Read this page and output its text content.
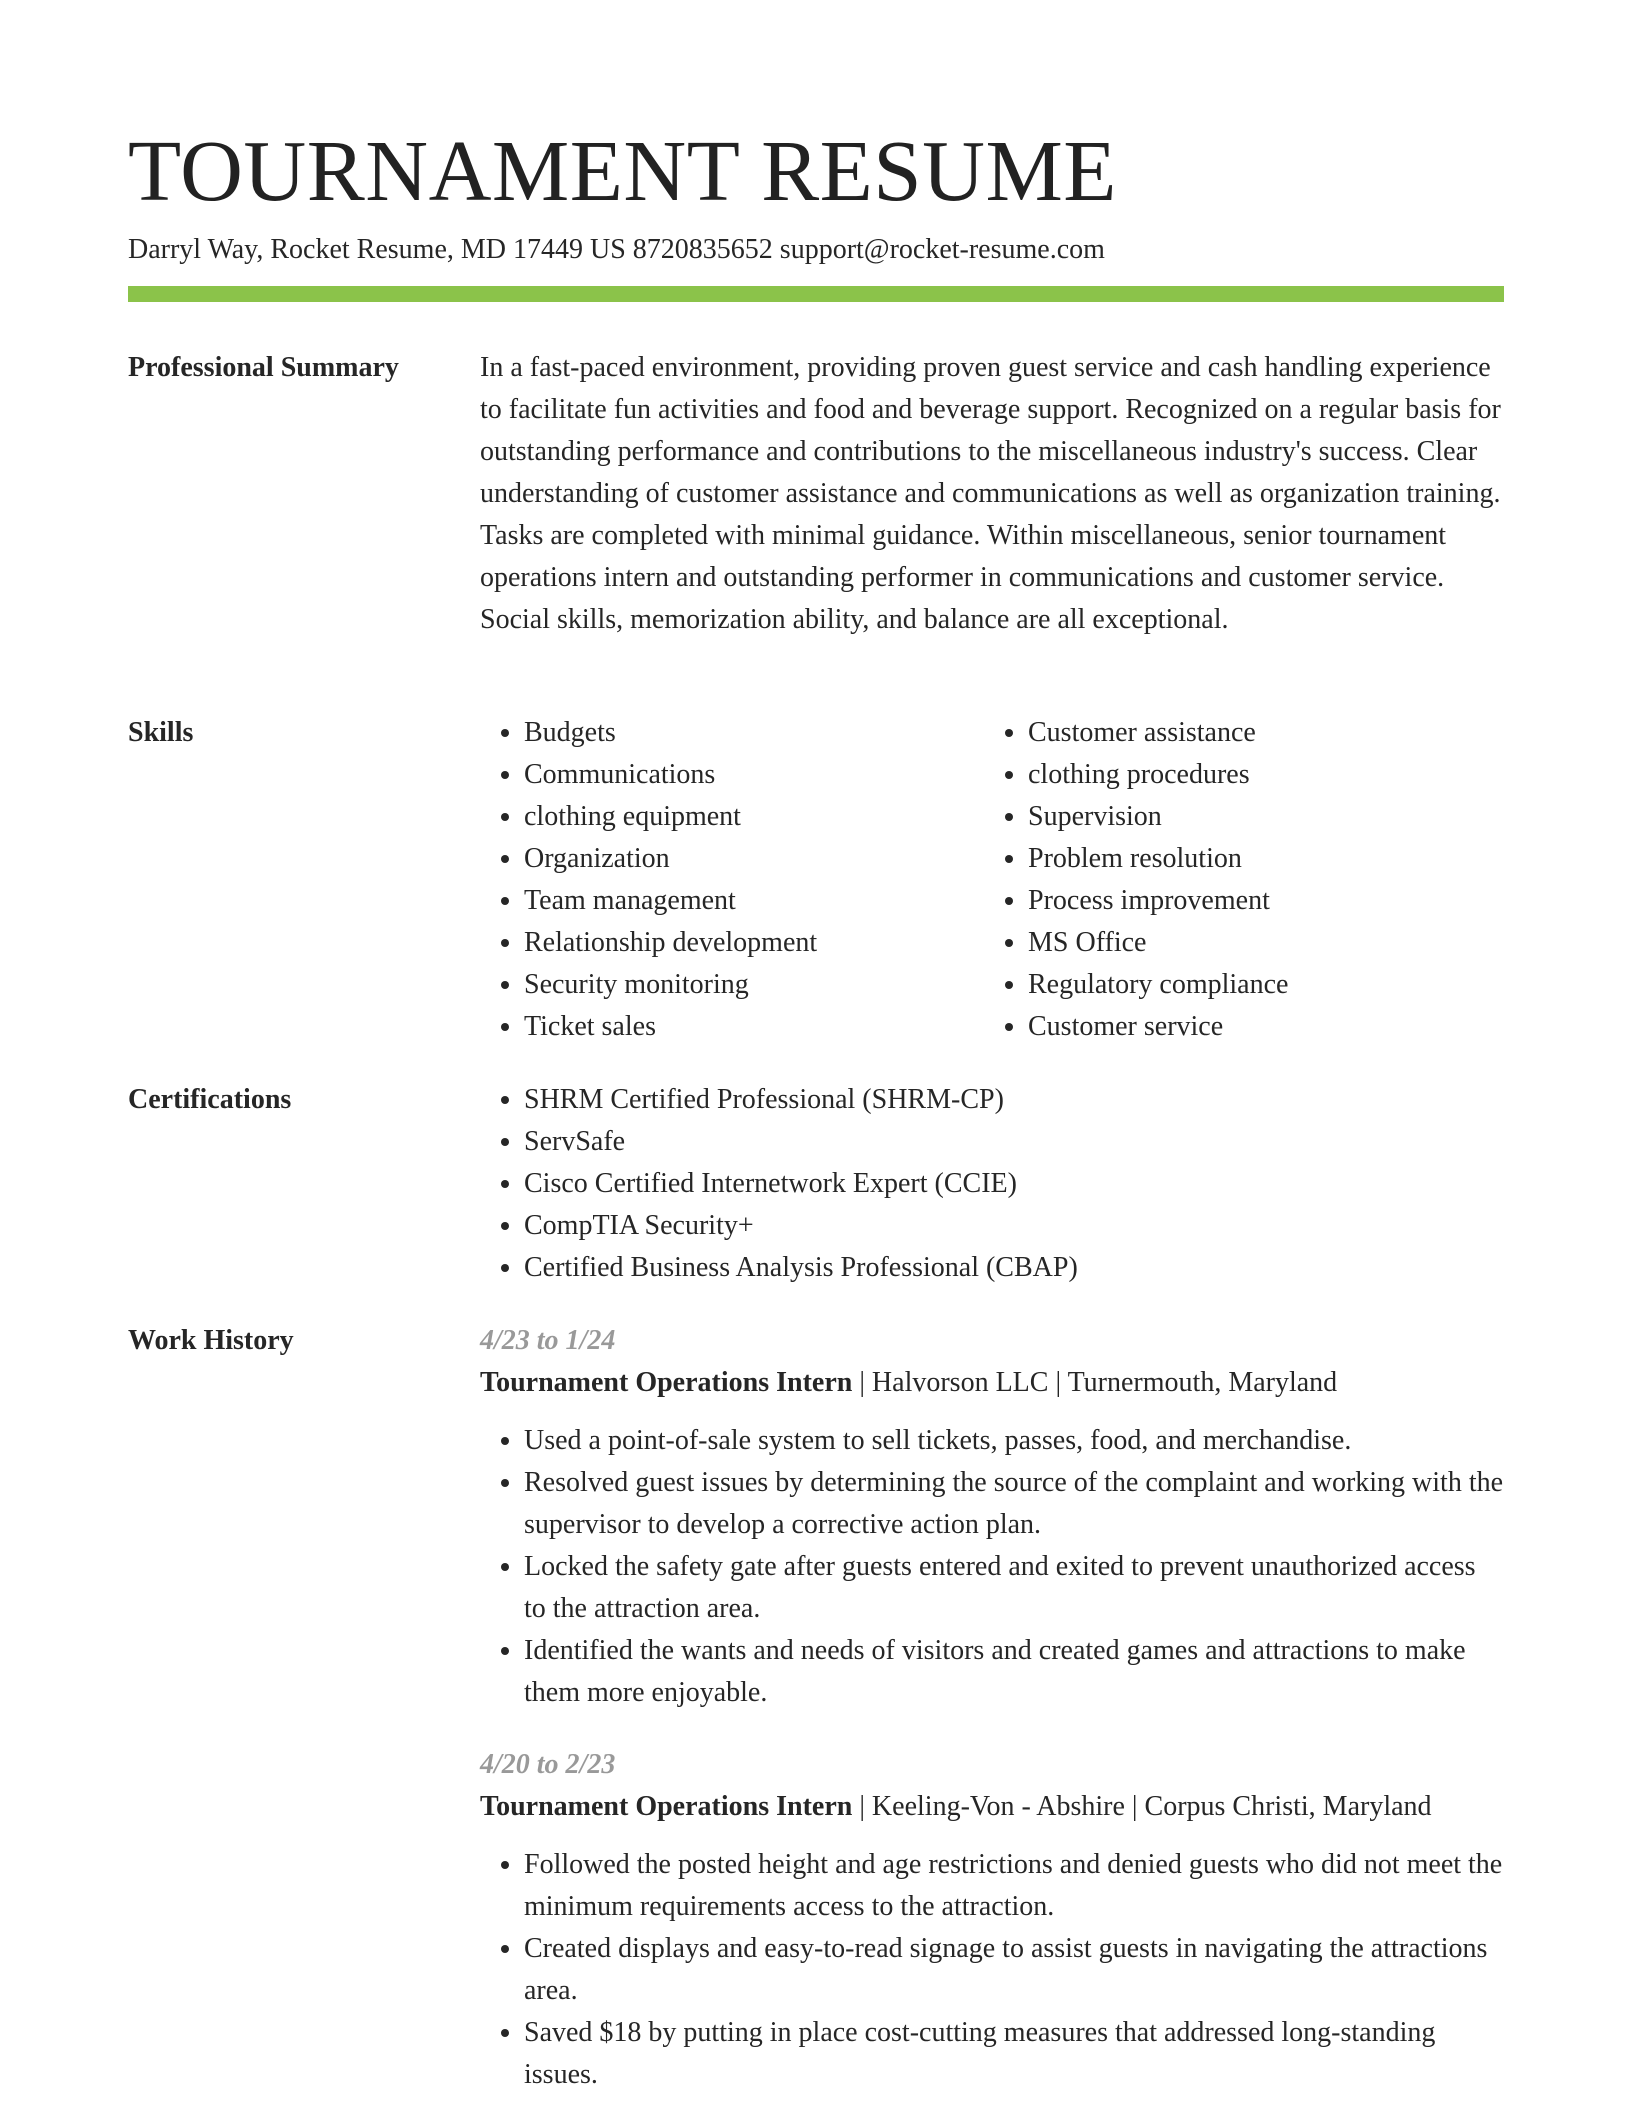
TOURNAMENT RESUME
Darryl Way, Rocket Resume, MD 17449 US 8720835652 support@rocket-resume.com
Professional Summary	In a fast-paced environment, providing proven guest service and cash handling experience to facilitate fun activities and food and beverage support. Recognized on a regular basis for outstanding performance and contributions to the miscellaneous industry's success. Clear understanding of customer assistance and communications as well as organization training. Tasks are completed with minimal guidance. Within miscellaneous, senior tournament operations intern and outstanding performer in communications and customer service. Social skills, memorization ability, and balance are all exceptional.

Skills	• Budgets
• Communications
• clothing equipment
• Organization
• Team management
• Relationship development
• Security monitoring
• Ticket sales
• Customer assistance
• clothing procedures
• Supervision
• Problem resolution
• Process improvement
• MS Office
• Regulatory compliance
• Customer service
Certifications	• SHRM Certified Professional (SHRM-CP)
• ServSafe
• Cisco Certified Internetwork Expert (CCIE)
• CompTIA Security+
• Certified Business Analysis Professional (CBAP)
Work History	4/23 to 1/24
Tournament Operations Intern | Halvorson LLC | Turnermouth, Maryland
• Used a point-of-sale system to sell tickets, passes, food, and merchandise.
• Resolved guest issues by determining the source of the complaint and working with the supervisor to develop a corrective action plan.
• Locked the safety gate after guests entered and exited to prevent unauthorized access to the attraction area.
• Identified the wants and needs of visitors and created games and attractions to make them more enjoyable.
4/20 to 2/23
Tournament Operations Intern | Keeling-Von - Abshire | Corpus Christi, Maryland
• Followed the posted height and age restrictions and denied guests who did not meet the minimum requirements access to the attraction.
• Created displays and easy-to-read signage to assist guests in navigating the attractions area.
• Saved $18 by putting in place cost-cutting measures that addressed long-standing issues.
